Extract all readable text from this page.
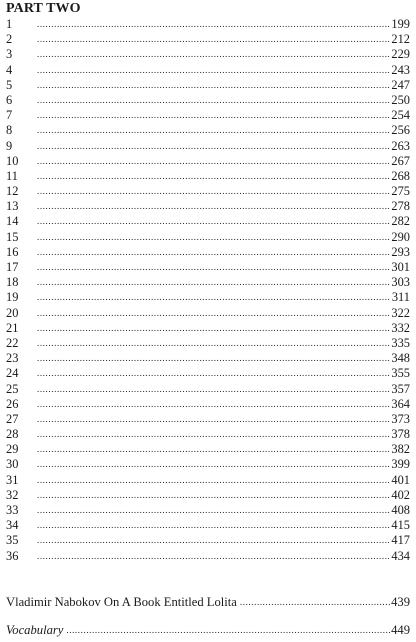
PART TWO
1 .....	199
2 .....	212
3 .....	229
4 .....	243
5 .....	247
6 .....	250
7 .....	254
8 .....	256
9 .....	263
10 .....	267
11 .....	268
12 .....	275
13 .....	278
14 .....	282
15 .....	290
16 .....	293
17 .....	301
18 .....	303
19 .....	311
20 .....	322
21 .....	332
22 .....	335
23 .....	348
24 .....	355
25 .....	357
26 .....	364
27 .....	373
28 .....	378
29 .....	382
30 .....	399
31 .....	401
32 .....	402
33 .....	408
34 .....	415
35 .....	417
36 .....	434
Vladimir Nabokov On A Book Entitled Lolita .....	439
Vocabulary .....	449
